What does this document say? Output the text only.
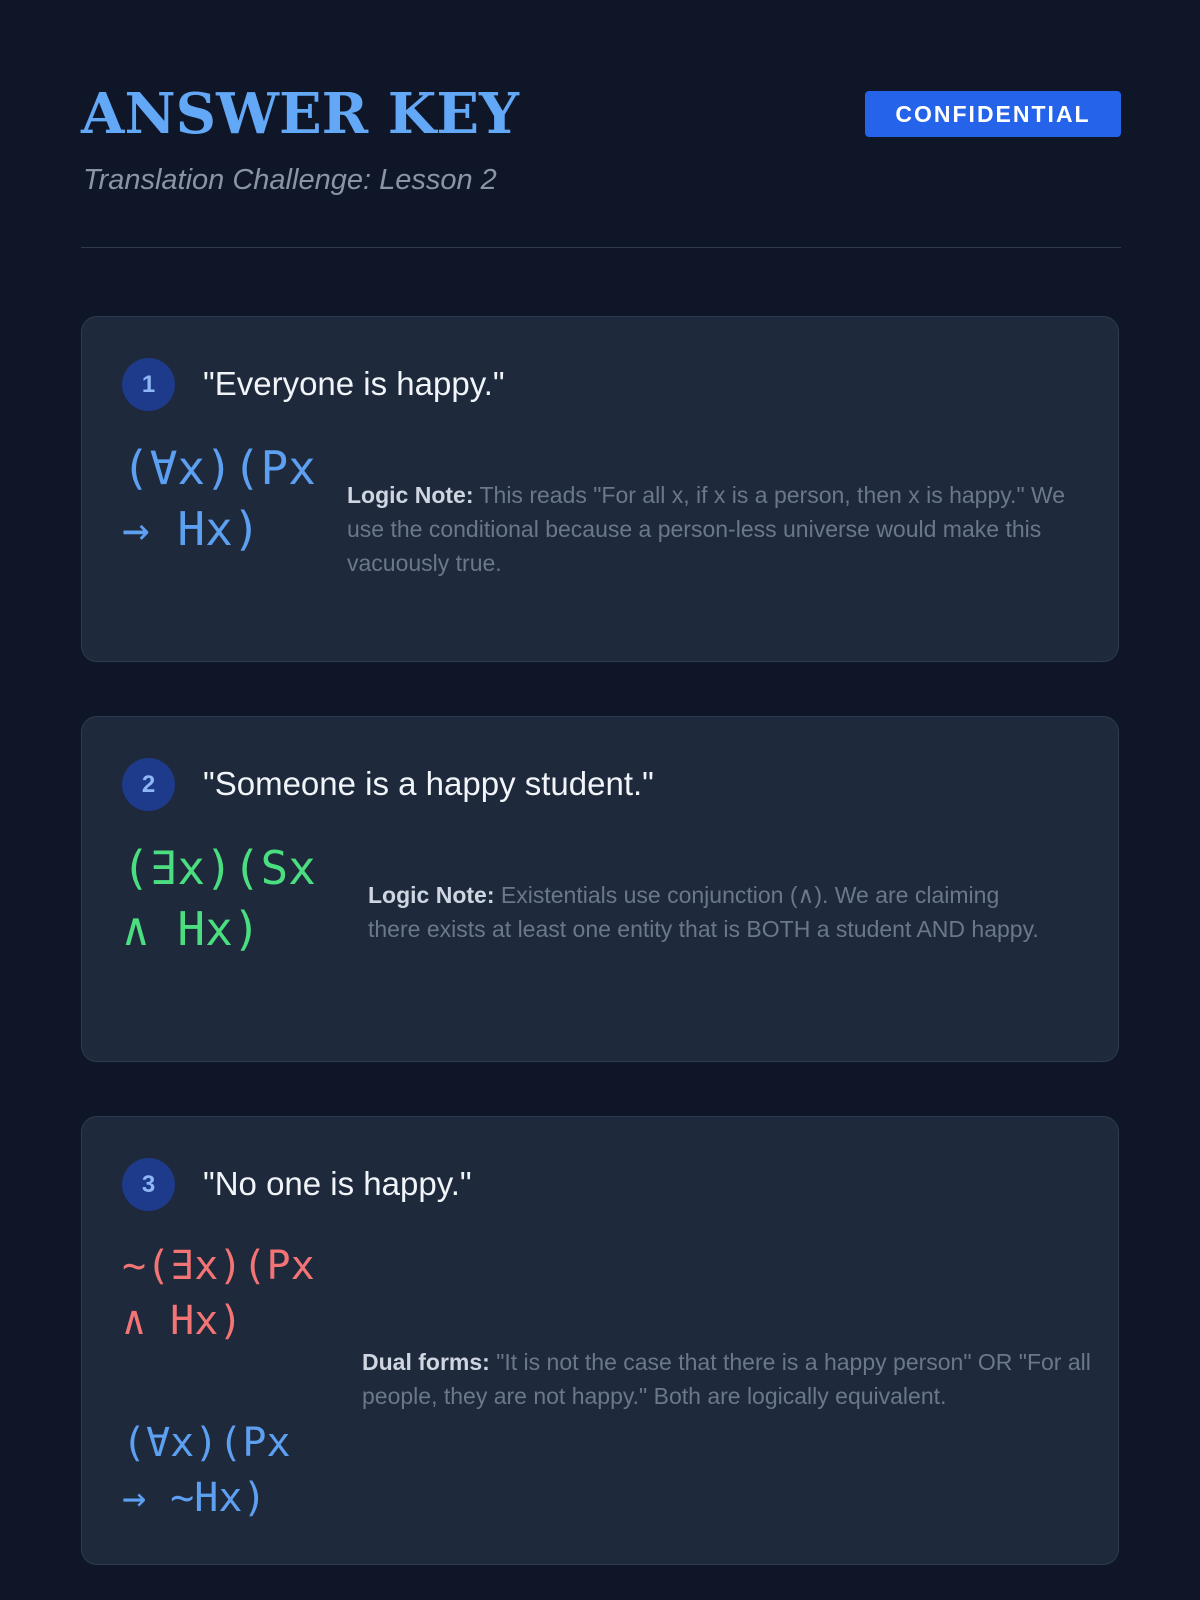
ANSWER KEY

Translation Challenge: Lesson 2

CONFIDENTIAL
1	"Everyone is happy."
(∀x)(Px → Hx)
Logic Note: This reads "For all x, if x is a person, then x is happy." We use the conditional because a person-less universe would make this vacuously true.
2	"Someone is a happy student."
(∃x)(Sx ∧ Hx)
Logic Note: Existentials use conjunction (∧). We are claiming there exists at least one entity that is BOTH a student AND happy.
3	"No one is happy."
~(∃x)(Px ∧ Hx)
(∀x)(Px → ~Hx)
Dual forms: "It is not the case that there is a happy person" OR "For all people, they are not happy." Both are logically equivalent.
